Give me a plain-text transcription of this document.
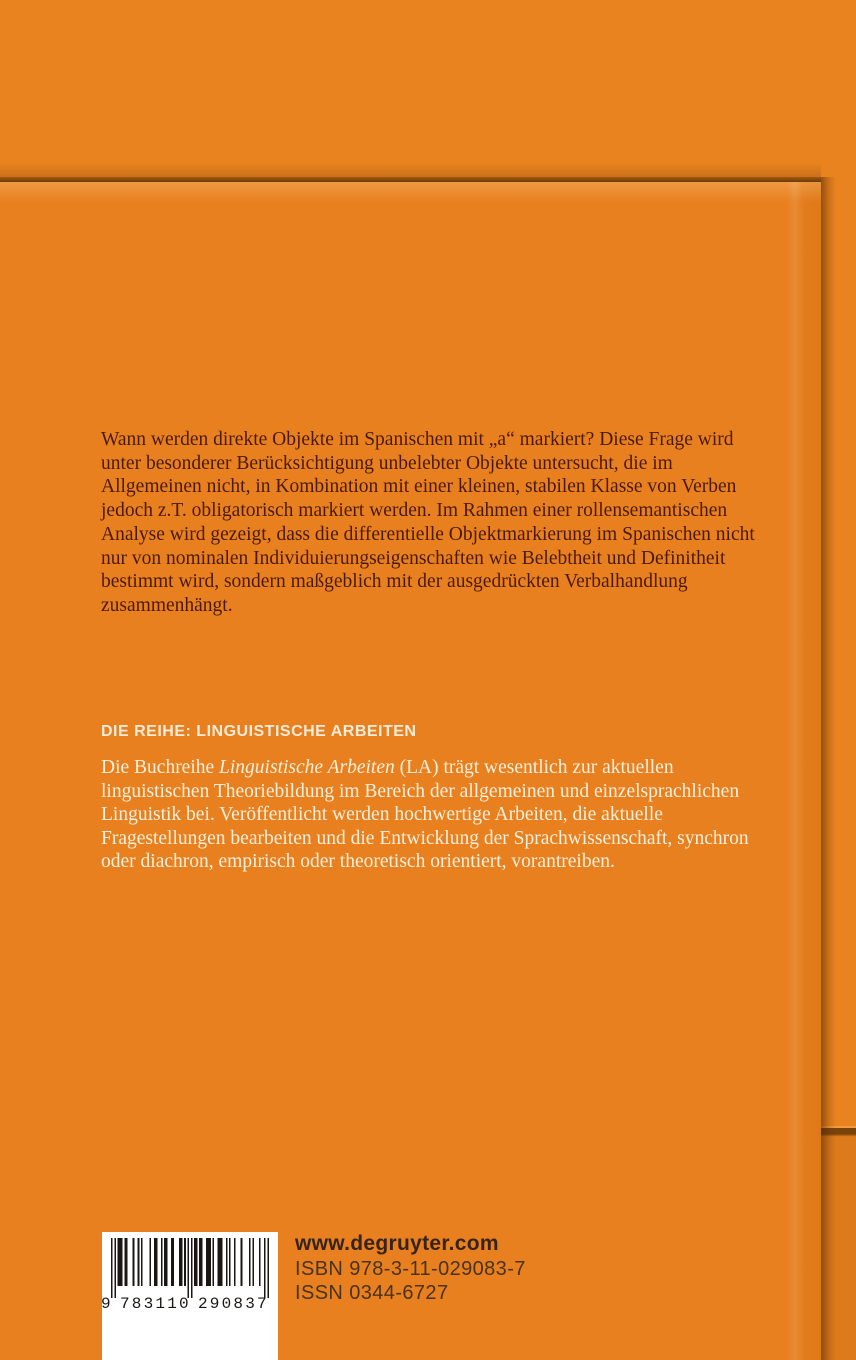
Wann werden direkte Objekte im Spanischen mit „a“ markiert? Diese Frage wird unter besonderer Berücksichtigung unbelebter Objekte untersucht, die im Allgemeinen nicht, in Kombination mit einer kleinen, stabilen Klasse von Verben jedoch z.T. obligatorisch markiert werden. Im Rahmen einer rollensemantischen Analyse wird gezeigt, dass die differentielle Objektmarkierung im Spanischen nicht nur von nominalen Individuierungseigenschaften wie Belebtheit und Definitheit bestimmt wird, sondern maßgeblich mit der ausgedrückten Verbalhandlung zusammenhängt.

DIE REIHE: LINGUISTISCHE ARBEITEN

Die Buchreihe Linguistische Arbeiten (LA) trägt wesentlich zur aktuellen linguistischen Theoriebildung im Bereich der allgemeinen und einzelsprachlichen Linguistik bei. Veröffentlicht werden hochwertige Arbeiten, die aktuelle Fragestellungen bearbeiten und die Entwicklung der Sprachwissenschaft, synchron oder diachron, empirisch oder theoretisch orientiert, vorantreiben.

9 783110 290837
www.degruyter.com
ISBN 978-3-11-029083-7
ISSN 0344-6727
